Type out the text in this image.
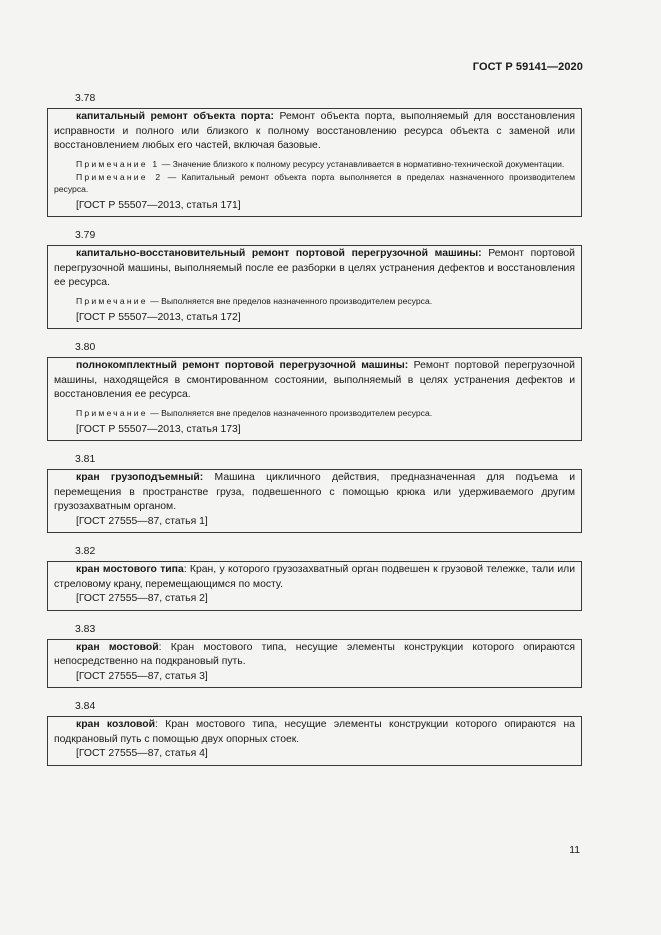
ГОСТ Р 59141—2020
3.78

капитальный ремонт объекта порта: Ремонт объекта порта, выполняемый для восстановления исправности и полного или близкого к полному восстановлению ресурса объекта с заменой или восстановлением любых его частей, включая базовые.

Примечание 1 — Значение близкого к полному ресурсу устанавливается в нормативно-технической документации.

Примечание 2 — Капитальный ремонт объекта порта выполняется в пределах назначенного производителем ресурса.

[ГОСТ Р 55507—2013, статья 171]
3.79

капитально-восстановительный ремонт портовой перегрузочной машины: Ремонт портовой перегрузочной машины, выполняемый после ее разборки в целях устранения дефектов и восстановления ее ресурса.

Примечание — Выполняется вне пределов назначенного производителем ресурса.

[ГОСТ Р 55507—2013, статья 172]
3.80

полнокомплектный ремонт портовой перегрузочной машины: Ремонт портовой перегрузочной машины, находящейся в смонтированном состоянии, выполняемый в целях устранения дефектов и восстановления ее ресурса.

Примечание — Выполняется вне пределов назначенного производителем ресурса.

[ГОСТ Р 55507—2013, статья 173]
3.81

кран грузоподъемный: Машина цикличного действия, предназначенная для подъема и перемещения в пространстве груза, подвешенного с помощью крюка или удерживаемого другим грузозахватным органом.

[ГОСТ 27555—87, статья 1]
3.82

кран мостового типа: Кран, у которого грузозахватный орган подвешен к грузовой тележке, тали или стреловому крану, перемещающимся по мосту.

[ГОСТ 27555—87, статья 2]
3.83

кран мостовой: Кран мостового типа, несущие элементы конструкции которого опираются непосредственно на подкрановый путь.

[ГОСТ 27555—87, статья 3]
3.84

кран козловой: Кран мостового типа, несущие элементы конструкции которого опираются на подкрановый путь с помощью двух опорных стоек.

[ГОСТ 27555—87, статья 4]
11
